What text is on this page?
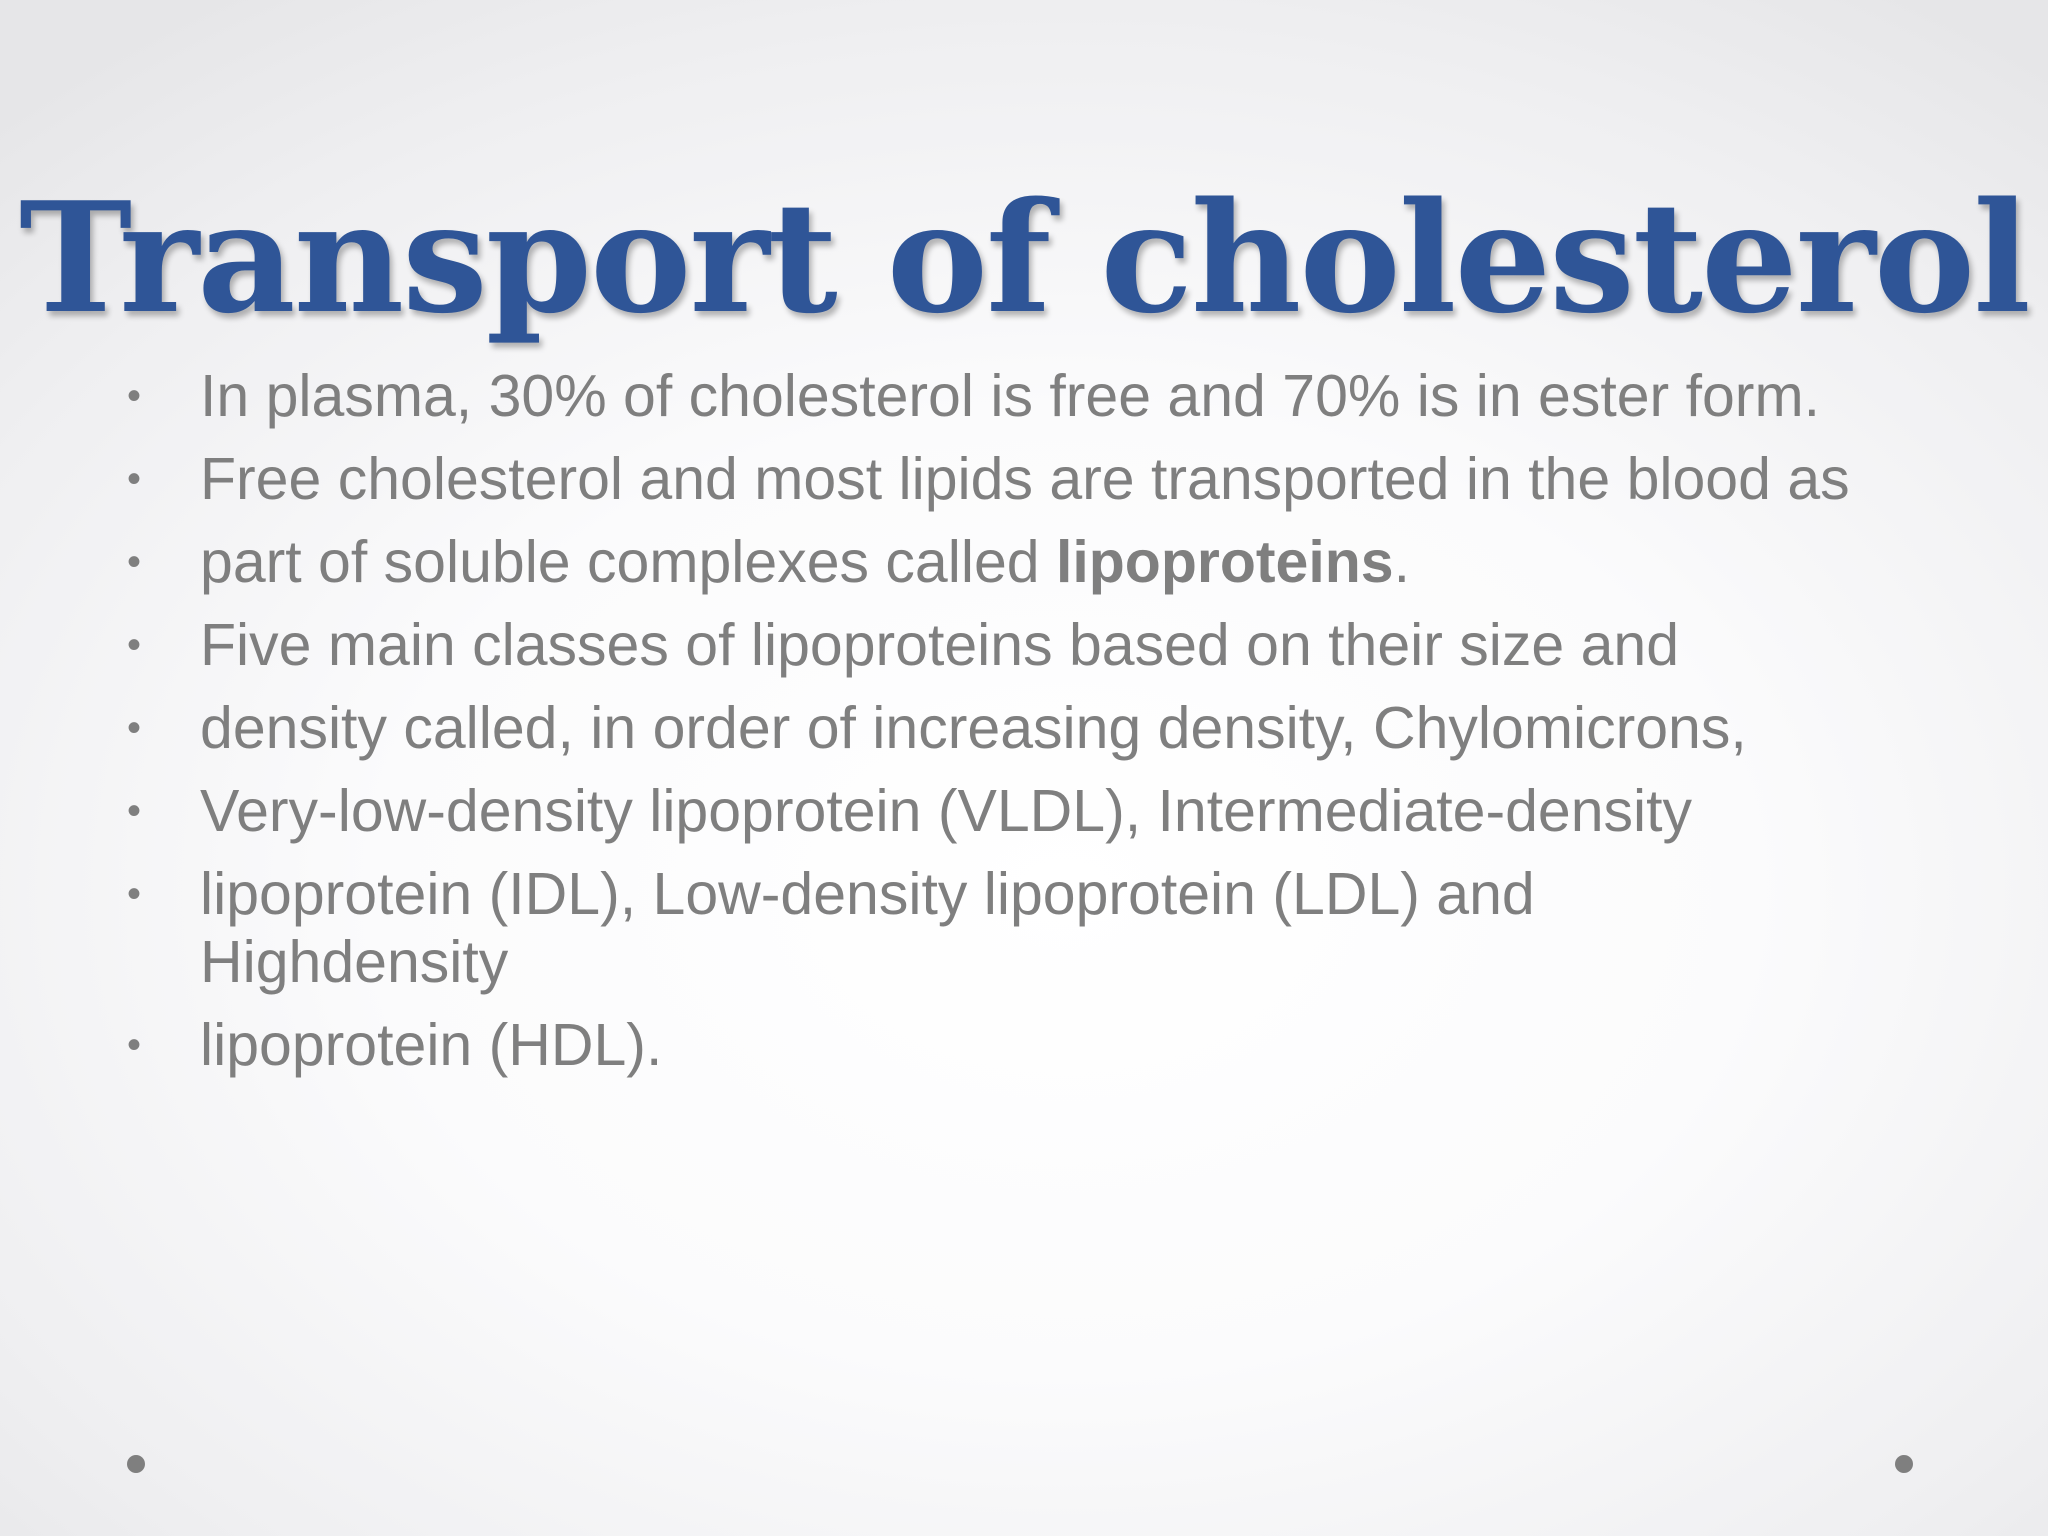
Transport of cholesterol
• In plasma, 30% of cholesterol is free and 70% is in ester form.
• Free cholesterol and most lipids are transported in the blood as
• part of soluble complexes called lipoproteins.
• Five main classes of lipoproteins based on their size and
• density called, in order of increasing density, Chylomicrons,
• Very-low-density lipoprotein (VLDL), Intermediate-density
• lipoprotein (IDL), Low-density lipoprotein (LDL) and Highdensity
• lipoprotein (HDL).
